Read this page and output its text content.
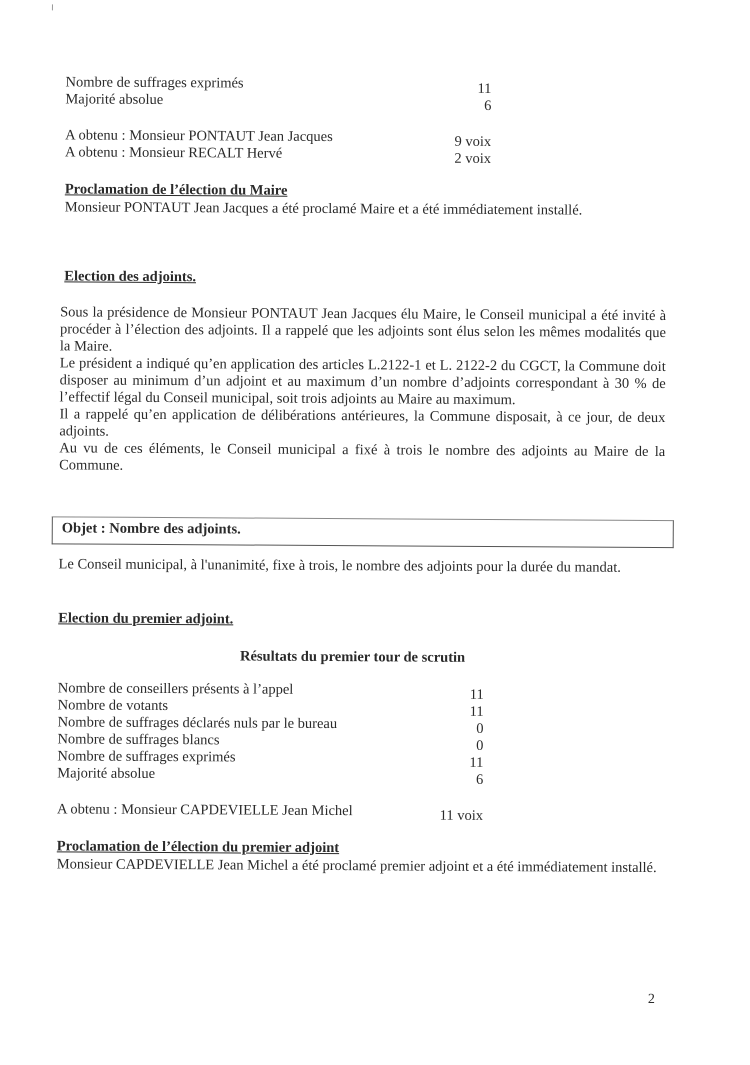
Nombre de suffrages exprimés	11
Majorité absolue	6
A obtenu : Monsieur PONTAUT Jean Jacques	9 voix
A obtenu : Monsieur RECALT Hervé	2 voix
Proclamation de l’élection du Maire
Monsieur PONTAUT Jean Jacques a été proclamé Maire et a été immédiatement installé.
Election des adjoints.
Sous la présidence de Monsieur PONTAUT Jean Jacques élu Maire, le Conseil municipal a été invité à procéder à l’élection des adjoints. Il a rappelé que les adjoints sont élus selon les mêmes modalités que la Maire.
Le président a indiqué qu’en application des articles L.2122-1 et L. 2122-2 du CGCT, la Commune doit disposer au minimum d’un adjoint et au maximum d’un nombre d’adjoints correspondant à 30 % de l’effectif légal du Conseil municipal, soit trois adjoints au Maire au maximum.
Il a rappelé qu’en application de délibérations antérieures, la Commune disposait, à ce jour, de deux adjoints.
Au vu de ces éléments, le Conseil municipal a fixé à trois le nombre des adjoints au Maire de la Commune.
Objet : Nombre des adjoints.
Le Conseil municipal, à l'unanimité, fixe à trois, le nombre des adjoints pour la durée du mandat.
Election du premier adjoint.
Résultats du premier tour de scrutin
Nombre de conseillers présents à l’appel	11
Nombre de votants	11
Nombre de suffrages déclarés nuls par le bureau	0
Nombre de suffrages blancs	0
Nombre de suffrages exprimés	11
Majorité absolue	6
A obtenu : Monsieur CAPDEVIELLE Jean Michel	11 voix
Proclamation de l’élection du premier adjoint
Monsieur CAPDEVIELLE Jean Michel a été proclamé premier adjoint et a été immédiatement installé.
2
